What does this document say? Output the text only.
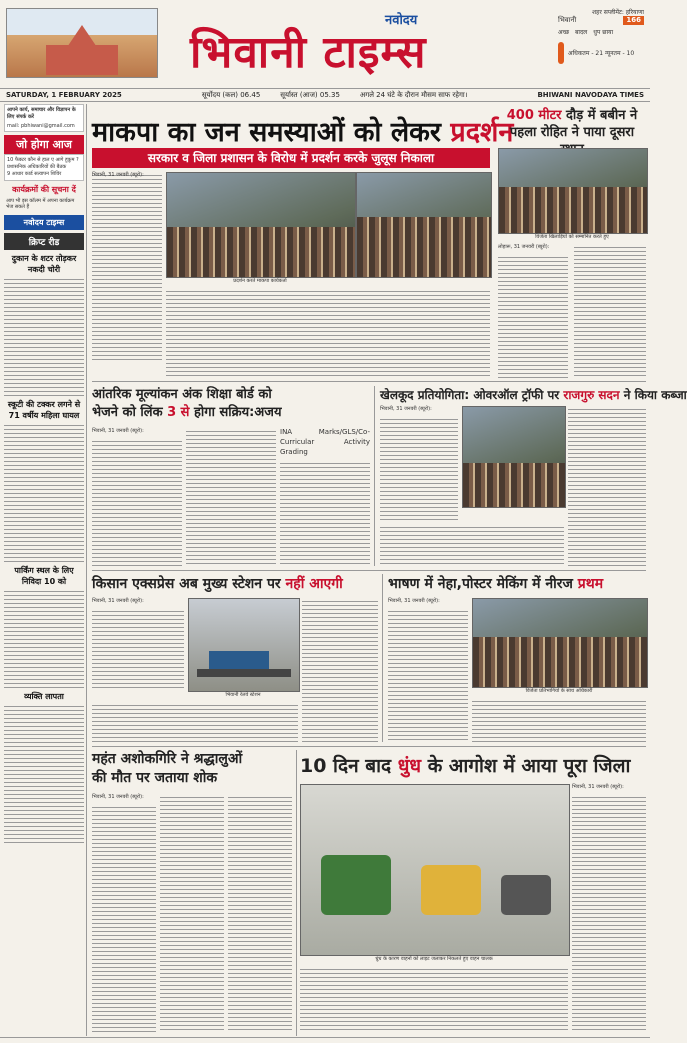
नवोदय
भिवानी टाइम्स
शहर सप्लीमेंट: हरियाणा
भिवानी	166
अच्छ बादल धुप छाया
अधिकतम - 21 न्यूनतम - 10
SATURDAY, 1 FEBRUARY 2025	सूर्योदय (कल) 06.45	सूर्यास्त (आज) 05.35	अगले 24 घंटे के दौरान मौसम साफ रहेगा।	BHIWANI NAVODAYA TIMES
आपने कार्य, समाचार और विज्ञापन के लिए संपर्क करें
mail: pbhiwani@gmail.com
जो होगा आज
10 फैक्टर कौन से हाल ए आगे हुकुम ?
प्रशासनिक अधिकारियों की बैठक
9 आधार कार्ड सत्यापन शिविर
कार्यक्रमों की सूचना दें
आप भी इस कॉलम में अपना कार्यक्रम भेज सकते हैं
नवोदय टाइम्स
क्रिप्ट रीड
दुकान के शटर तोड़कर नकदी चोरी
स्कूटी की टक्कर लगने से 71 वर्षीय महिला घायल
पार्किंग स्थल के लिए निविदा 10 को
व्यक्ति लापता
माकपा का जन समस्याओं को लेकर प्रदर्शन
सरकार व जिला प्रशासन के विरोध में प्रदर्शन करके जुलूस निकाला
भिवानी, 31 जनवरी (ब्यूरो):
प्रदर्शन करते माकपा कार्यकर्ता
400 मीटर दौड़ में बबीन ने पहला रोहित ने पाया दूसरा
विजेता खिलाड़ियों को सम्मानित करते हुए
लोहारू, 31 जनवरी (ब्यूरो):
आंतरिक मूल्यांकन अंक शिक्षा बोर्ड को
भेजने को लिंक 3 से होगा सक्रिय:अजय
भिवानी, 31 जनवरी (ब्यूरो):	INA Marks/GLS/Co-Curricular Activity Grading
खेलकूद प्रतियोगिता: ओवरऑल ट्रॉफी पर राजगुरु सदन ने किया कब्जा
भिवानी, 31 जनवरी (ब्यूरो):
किसान एक्सप्रेस अब मुख्य स्टेशन पर नहीं आएगी
भिवानी, 31 जनवरी (ब्यूरो):
भिवानी रेलवे स्टेशन
भाषण में नेहा,पोस्टर मेकिंग में नीरज प्रथम
भिवानी, 31 जनवरी (ब्यूरो):
विजेता प्रतिभागियों के साथ अधिकारी
महंत अशोकगिरि ने श्रद्धालुओं
की मौत पर जताया शोक
भिवानी, 31 जनवरी (ब्यूरो):
10 दिन बाद धुंध के आगोश में आया पूरा जिला
धुंध के कारण वाहनों को लाइट जलाकर निकलते हुए वाहन चालक
भिवानी, 31 जनवरी (ब्यूरो):
